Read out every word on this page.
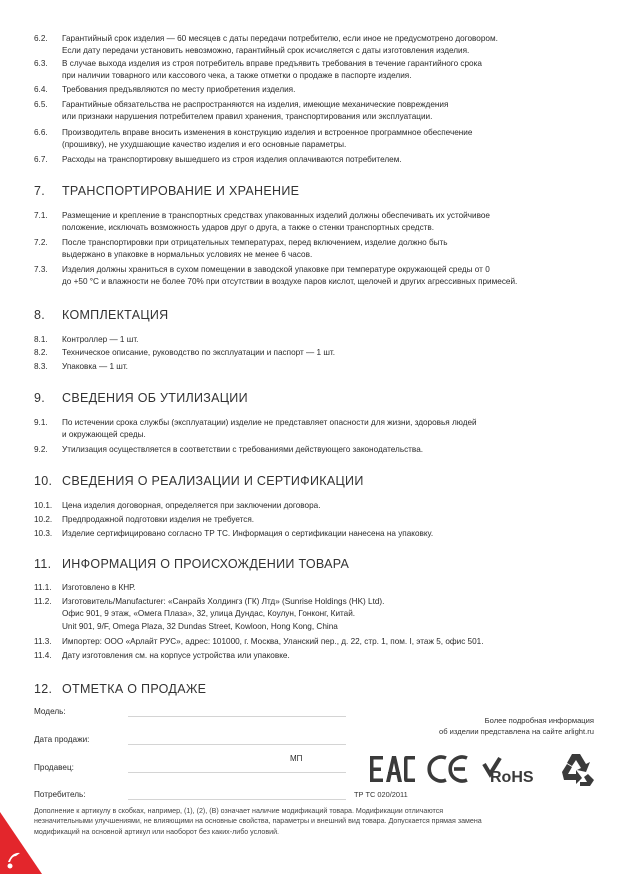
6.2.	Гарантийный срок изделия — 60 месяцев с даты передачи потребителю, если иное не предусмотрено договором.
Если дату передачи установить невозможно, гарантийный срок исчисляется с даты изготовления изделия.
6.3.	В случае выхода изделия из строя потребитель вправе предъявить требования в течение гарантийного срока
при наличии товарного или кассового чека, а также отметки о продаже в паспорте изделия.
6.4.	Требования предъявляются по месту приобретения изделия.
6.5.	Гарантийные обязательства не распространяются на изделия, имеющие механические повреждения
или признаки нарушения потребителем правил хранения, транспортирования или эксплуатации.
6.6.	Производитель вправе вносить изменения в конструкцию изделия и встроенное программное обеспечение
(прошивку), не ухудшающие качество изделия и его основные параметры.
6.7.	Расходы на транспортировку вышедшего из строя изделия оплачиваются потребителем.
7. ТРАНСПОРТИРОВАНИЕ И ХРАНЕНИЕ
7.1.	Размещение и крепление в транспортных средствах упакованных изделий должны обеспечивать их устойчивое
положение, исключать возможность ударов друг о друга, а также о стенки транспортных средств.
7.2.	После транспортировки при отрицательных температурах, перед включением, изделие должно быть
выдержано в упаковке в нормальных условиях не менее 6 часов.
7.3.	Изделия должны храниться в сухом помещении в заводской упаковке при температуре окружающей среды от 0
до +50 °С и влажности не более 70% при отсутствии в воздухе паров кислот, щелочей и других агрессивных примесей.
8. КОМПЛЕКТАЦИЯ
8.1.	Контроллер — 1 шт.
8.2.	Техническое описание, руководство по эксплуатации и паспорт — 1 шт.
8.3.	Упаковка — 1 шт.
9. СВЕДЕНИЯ ОБ УТИЛИЗАЦИИ
9.1.	По истечении срока службы (эксплуатации) изделие не представляет опасности для жизни, здоровья людей
и окружающей среды.
9.2.	Утилизация осуществляется в соответствии с требованиями действующего законодательства.
10. СВЕДЕНИЯ О РЕАЛИЗАЦИИ И СЕРТИФИКАЦИИ
10.1.	Цена изделия договорная, определяется при заключении договора.
10.2.	Предпродажной подготовки изделия не требуется.
10.3.	Изделие сертифицировано согласно ТР ТС. Информация о сертификации нанесена на упаковку.
11. ИНФОРМАЦИЯ О ПРОИСХОЖДЕНИИ ТОВАРА
11.1.	Изготовлено в КНР.
11.2.	Изготовитель/Manufacturer: «Санрайз Холдингз (ГК) Лтд» (Sunrise Holdings (HK) Ltd).
Офис 901, 9 этаж, «Омега Плаза», 32, улица Дундас, Коулун, Гонконг, Китай.
Unit 901, 9/F, Omega Plaza, 32 Dundas Street, Kowloon, Hong Kong, China
11.3.	Импортер: ООО «Арлайт РУС», адрес: 101000, г. Москва, Уланский пер., д. 22, стр. 1, пом. I, этаж 5, офис 501.
11.4.	Дату изготовления см. на корпусе устройства или упаковке.
12. ОТМЕТКА О ПРОДАЖЕ
Модель:
Дата продажи:
МП
Продавец:
Потребитель:
Более подробная информация
об изделии представлена на сайте arlight.ru
RoHS
ТР ТС 020/2011
Дополнение к артикулу в скобках, например, (1), (2), (B) означает наличие модификаций товара. Модификации отличаются
незначительными улучшениями, не влияющими на основные свойства, параметры и внешний вид товара. Допускается прямая замена
модификаций на основной артикул или наоборот без каких-либо условий.
